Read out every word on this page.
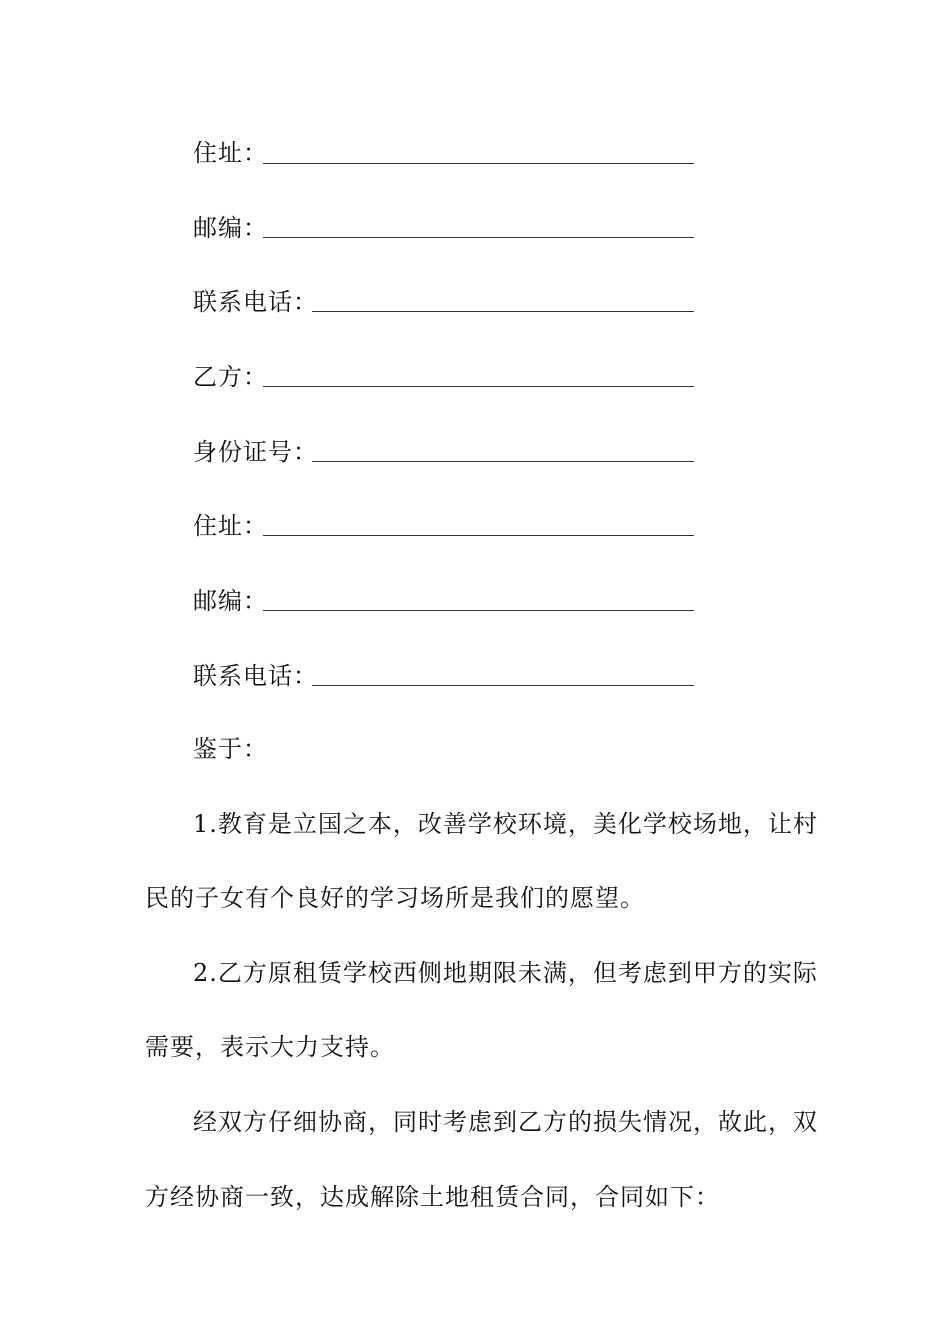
住址：
邮编：
联系电话：
乙方：
身份证号：
住址：
邮编：
联系电话：
鉴于：
1.教育是立国之本，改善学校环境，美化学校场地，让村
民的子女有个良好的学习场所是我们的愿望。
2.乙方原租赁学校西侧地期限未满，但考虑到甲方的实际
需要，表示大力支持。
经双方仔细协商，同时考虑到乙方的损失情况，故此，双
方经协商一致，达成解除土地租赁合同，合同如下：
